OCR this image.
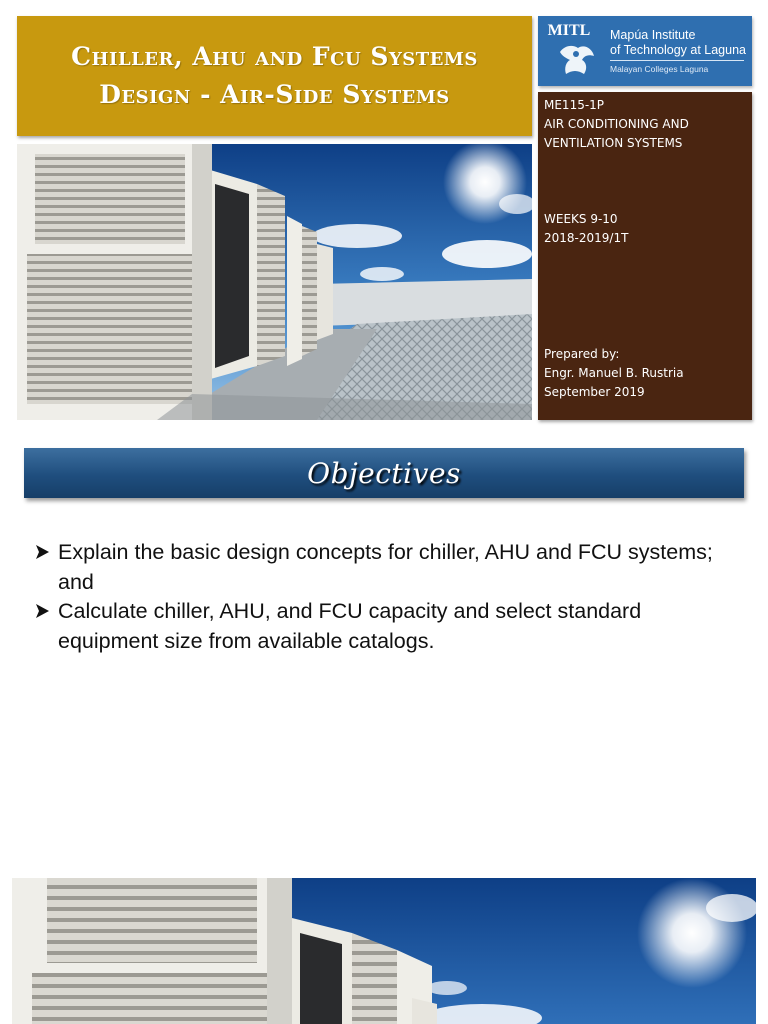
Chiller, Ahu and Fcu Systems Design - Air-Side Systems
MITL Mapúa Institute
of Technology at Laguna
Malayan Colleges Laguna
ME115-1P
AIR CONDITIONING AND
VENTILATION SYSTEMS
WEEKS 9-10
2018-2019/1T
Prepared by:
Engr. Manuel B. Rustria
September 2019
Objectives
Explain the basic design concepts for chiller, AHU and FCU systems; and
Calculate chiller, AHU, and FCU capacity and select standard equipment size from available catalogs.
